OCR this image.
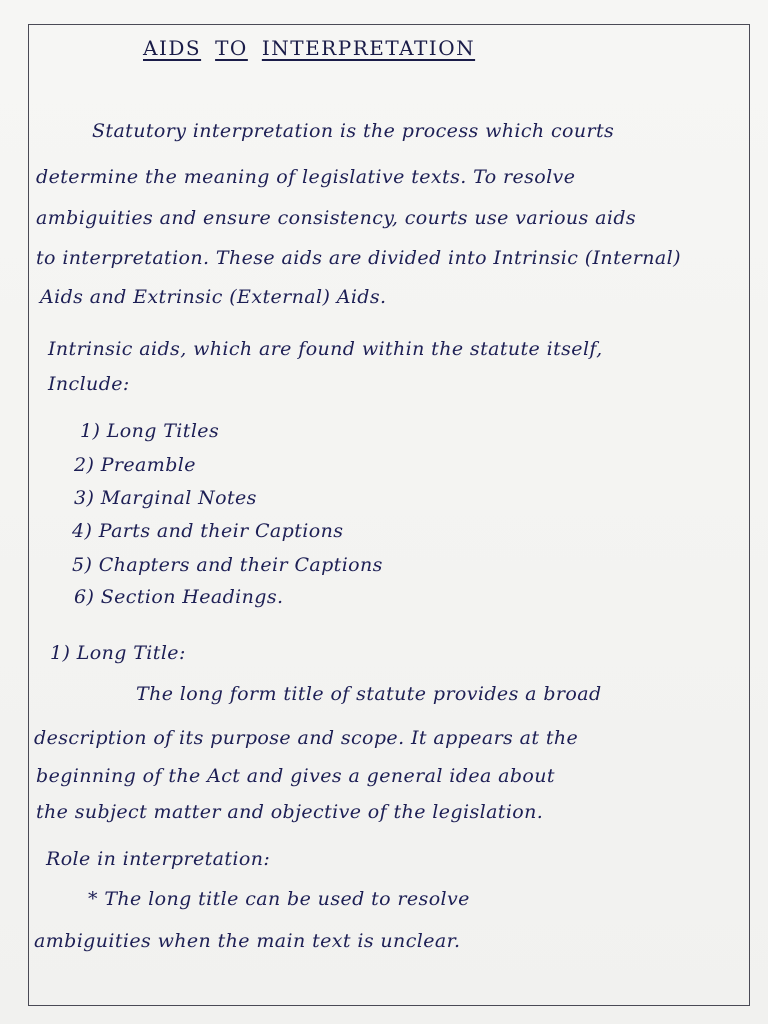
AIDS TO INTERPRETATION
Statutory interpretation is the process which courts
determine the meaning of legislative texts. To resolve
ambiguities and ensure consistency, courts use various aids
to interpretation. These aids are divided into Intrinsic (Internal)
Aids and Extrinsic (External) Aids.
Intrinsic aids, which are found within the statute itself,
Include:
1) Long Titles
2) Preamble
3) Marginal Notes
4) Parts and their Captions
5) Chapters and their Captions
6) Section Headings.
1) Long Title:
The long form title of statute provides a broad
description of its purpose and scope. It appears at the
beginning of the Act and gives a general idea about
the subject matter and objective of the legislation.
Role in interpretation:
* The long title can be used to resolve
ambiguities when the main text is unclear.
